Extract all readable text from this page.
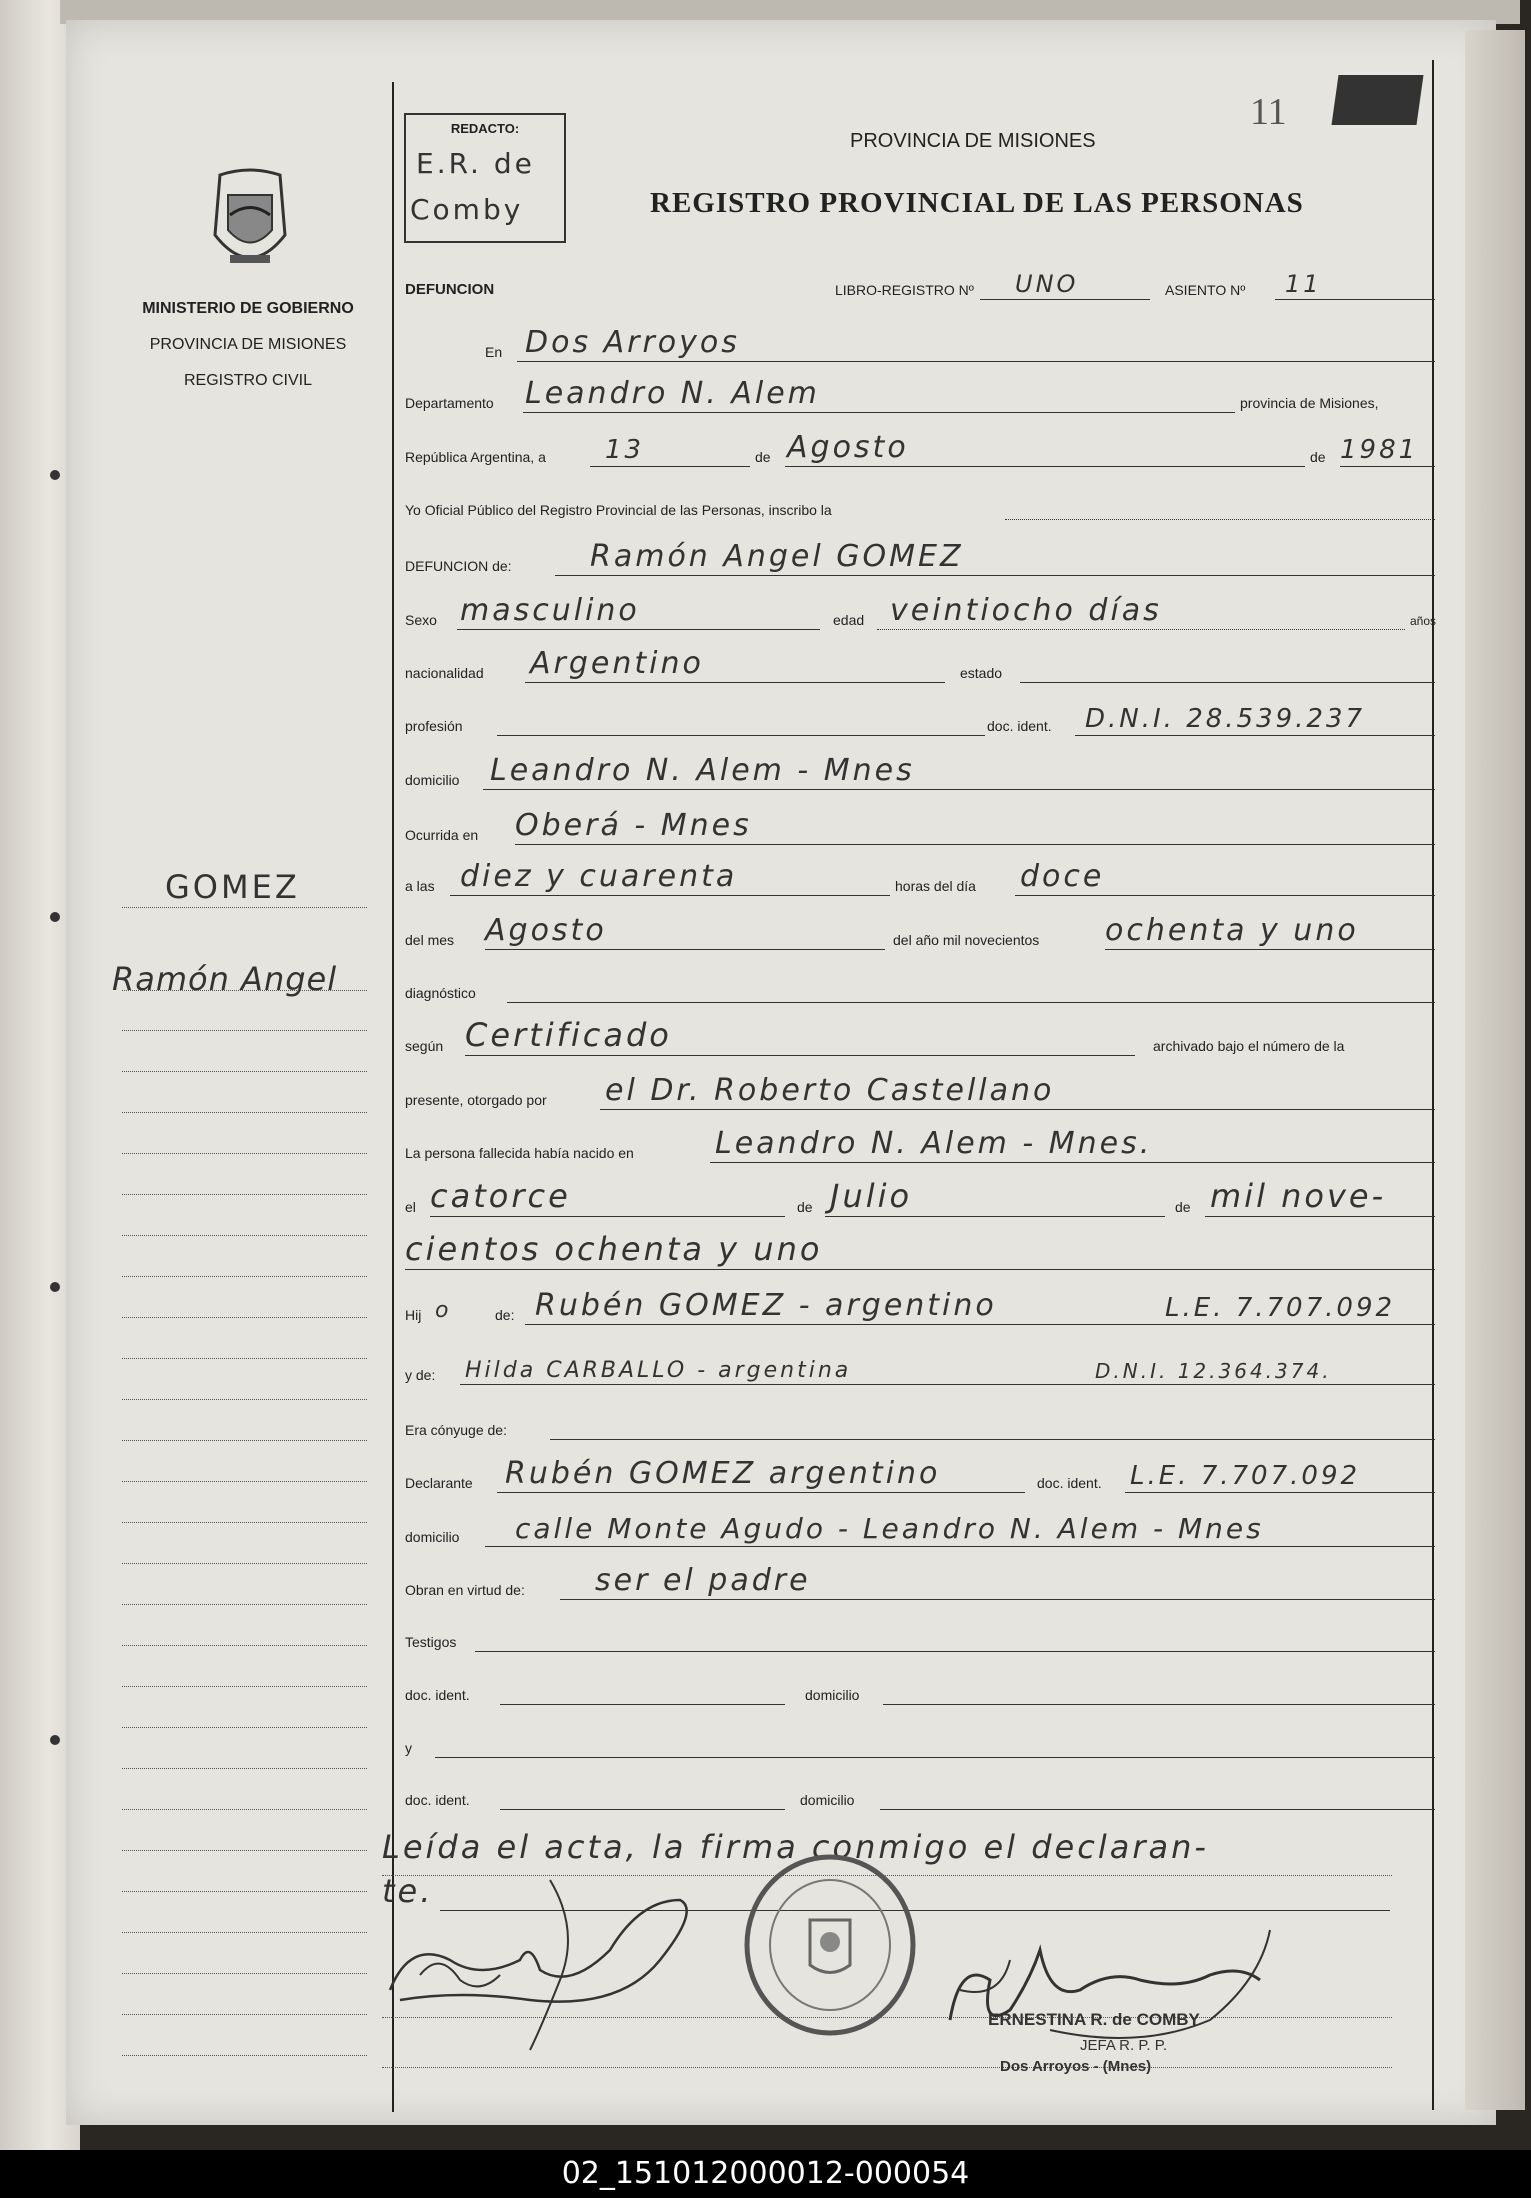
MINISTERIO DE GOBIERNO
PROVINCIA DE MISIONES
REGISTRO CIVIL
GOMEZ
Ramón Angel
REDACTO:
E.R. de
Comby
PROVINCIA DE MISIONES
REGISTRO PROVINCIAL DE LAS PERSONAS
11
DEFUNCION	LIBRO-REGISTRO Nº UNO	ASIENTO Nº 11
En Dos Arroyos
Departamento Leandro N. Alem	provincia de Misiones,
República Argentina, a 13	de Agosto	de 1981
Yo Oficial Público del Registro Provincial de las Personas, inscribo la
DEFUNCION de:	Ramón Angel GOMEZ
Sexo masculino	edad veintiocho días	años
nacionalidad Argentino	estado
profesión	doc. ident. D.N.I. 28.539.237
domicilio Leandro N. Alem - Mnes
Ocurrida en Oberá - Mnes
a las diez y cuarenta	horas del día doce
del mes Agosto	del año mil novecientos ochenta y uno
diagnóstico
según Certificado	archivado bajo el número de la
presente, otorgado por el Dr. Roberto Castellano
La persona fallecida había nacido en	Leandro N. Alem - Mnes.
el catorce	de Julio	de mil nove-
cientos ochenta y uno
Hij o	de: Rubén GOMEZ - argentino	L.E. 7.707.092
y de: Hilda CARBALLO - argentina	D.N.I. 12.364.374.
Era cónyuge de:
Declarante Rubén GOMEZ argentino	doc. ident. L.E. 7.707.092
domicilio calle Monte Agudo - Leandro N. Alem - Mnes
Obran en virtud de: ser el padre
Testigos
doc. ident.	domicilio
y
doc. ident.	domicilio
Leída el acta, la firma conmigo el declaran-
te.
ERNESTINA R. de COMBY
JEFA R. P. P.
Dos Arroyos - (Mnes)
02_151012000012-000054
